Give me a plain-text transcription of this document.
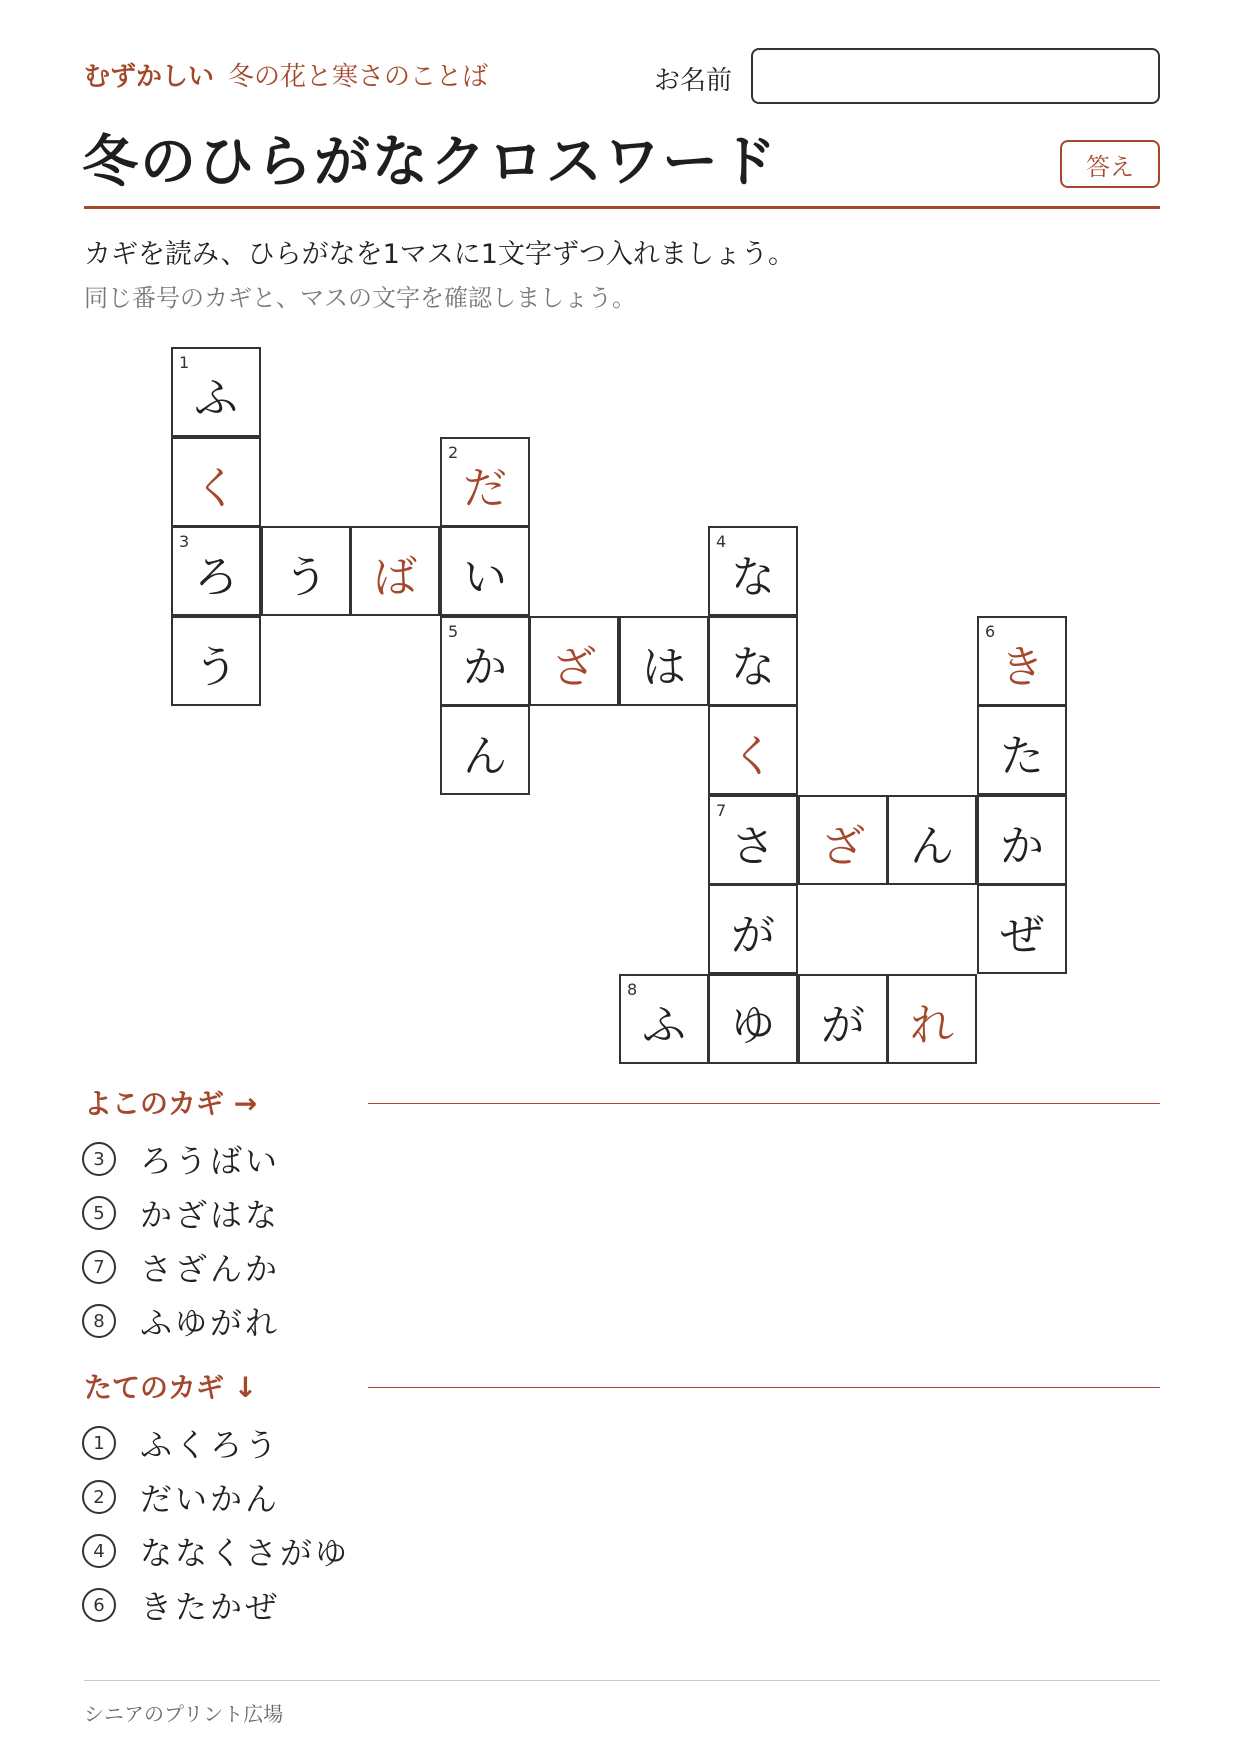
むずかしい 冬の花と寒さのことば	お名前
冬のひらがなクロスワード	答え
カギを読み、ひらがなを1マスに1文字ずつ入れましょう。
同じ番号のカギと、マスの文字を確認しましょう。
1
ふ
く
2
だ
3
ろ	う	ば	い
4
な
う
5
か	ざ	は	な
6
き
ん	く	た
7
さ	ざ	ん	か
が	ぜ
8
ふ	ゆ	が	れ
よこのカギ →
3	ろうばい
5	かざはな
7	さざんか
8	ふゆがれ
たてのカギ ↓
1	ふくろう
2	だいかん
4	ななくさがゆ
6	きたかぜ
シニアのプリント広場
